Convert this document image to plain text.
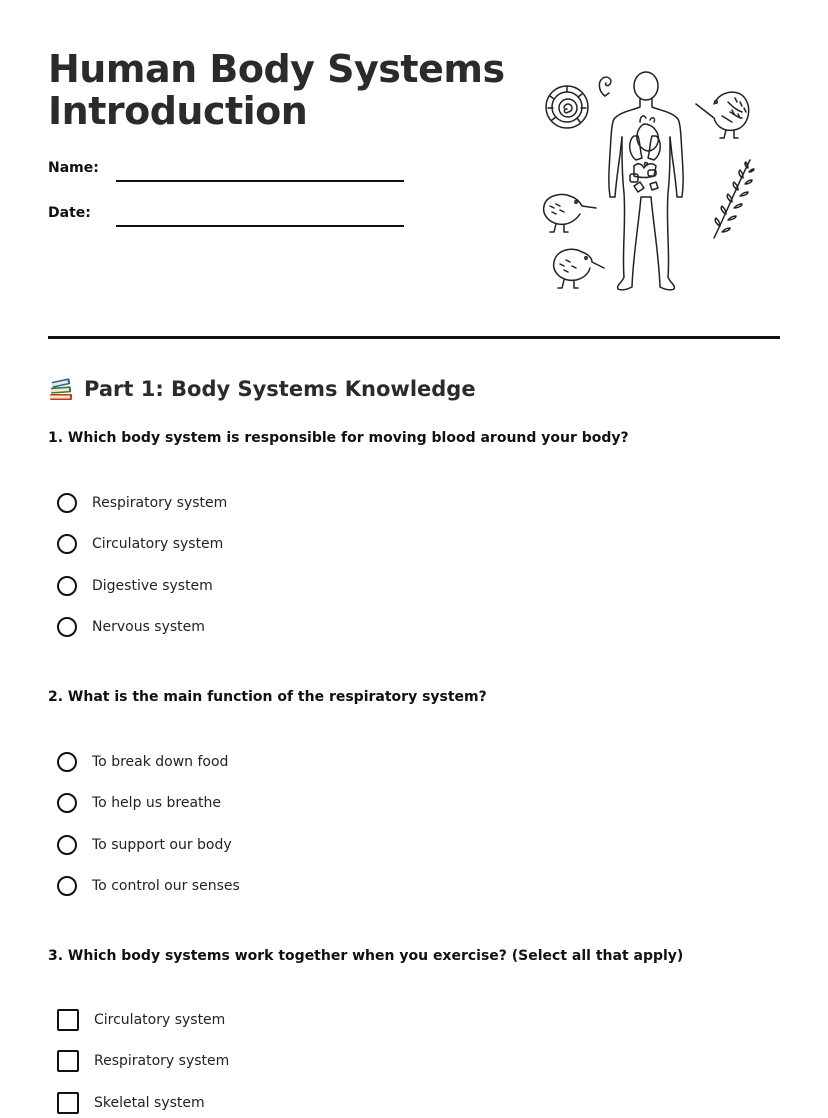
Human Body Systems
Introduction
Name:
Date:
Part 1: Body Systems Knowledge

1. Which body system is responsible for moving blood around your body?

Respiratory system
Circulatory system
Digestive system
Nervous system

2. What is the main function of the respiratory system?

To break down food
To help us breathe
To support our body
To control our senses

3. Which body systems work together when you exercise? (Select all that apply)

Circulatory system
Respiratory system
Skeletal system
